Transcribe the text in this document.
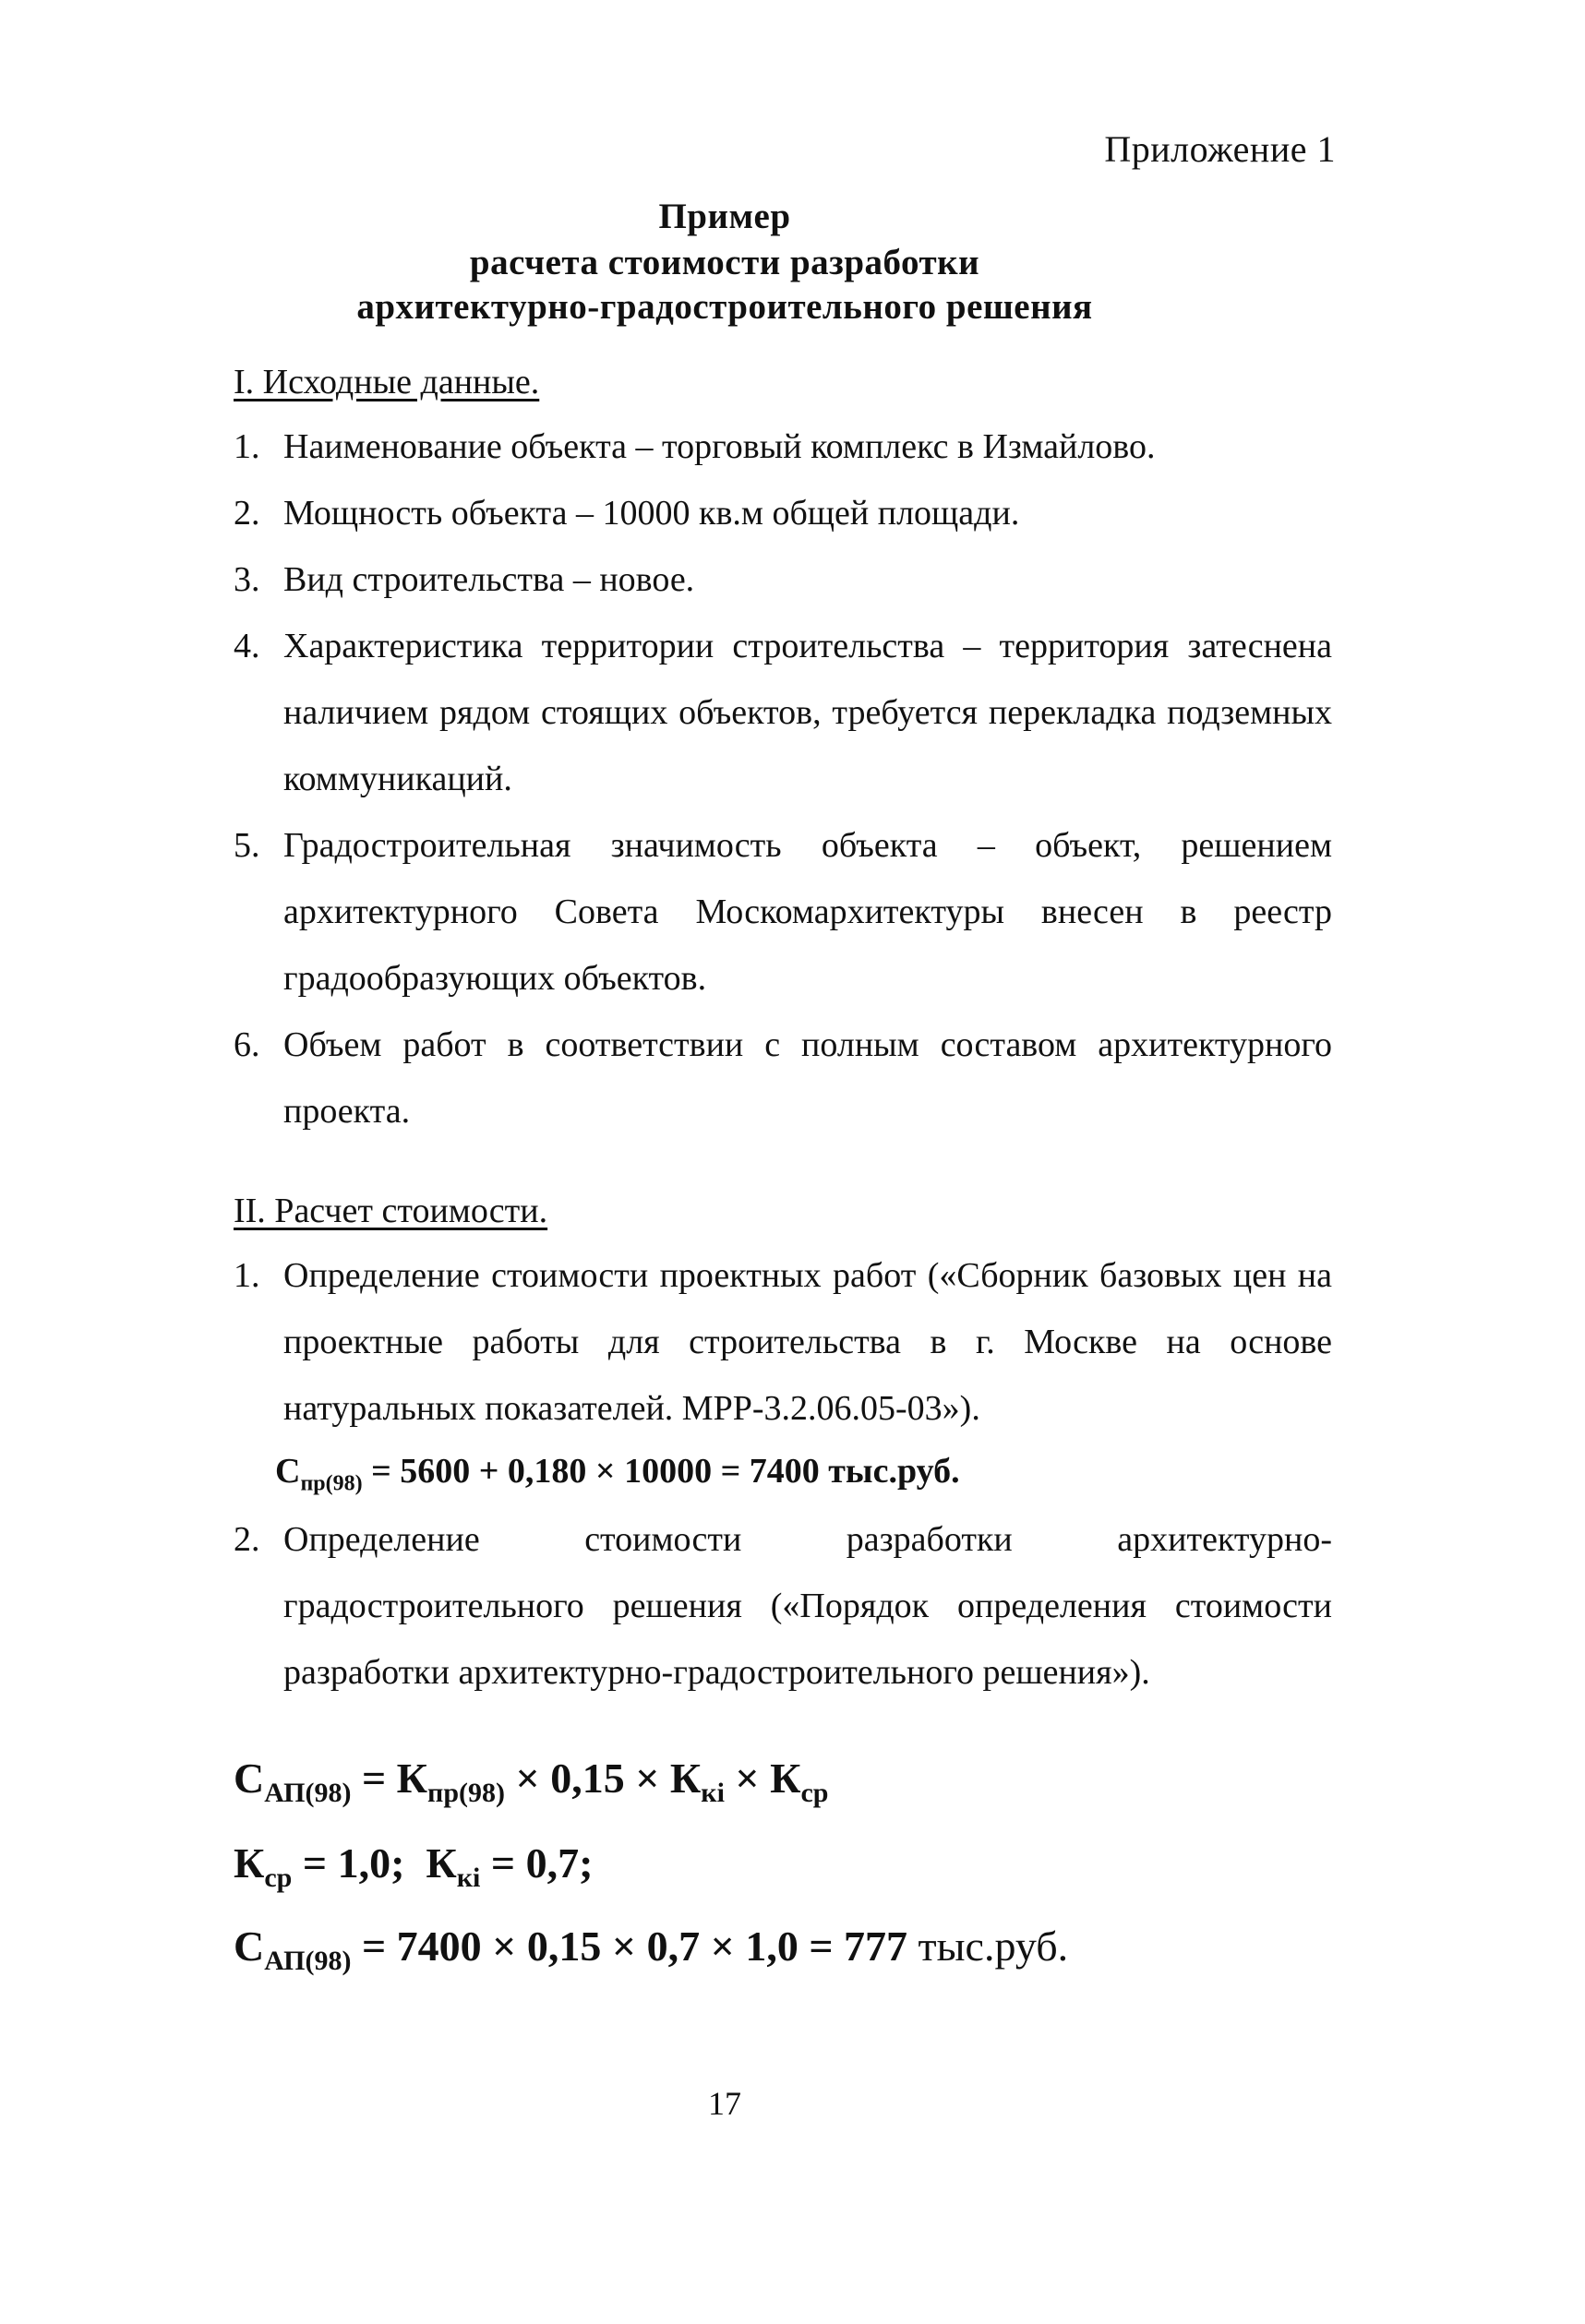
Приложение 1
Пример
расчета стоимости разработки
архитектурно-градостроительного решения
I. Исходные данные.
1. Наименование объекта – торговый комплекс в Измайлово.
2. Мощность объекта – 10000 кв.м общей площади.
3. Вид строительства – новое.
4. Характеристика территории строительства – территория затеснена наличием рядом стоящих объектов, требуется перекладка подземных коммуникаций.
5. Градостроительная значимость объекта – объект, решением архитектурного Совета Москомархитектуры внесен в реестр градообразующих объектов.
6. Объем работ в соответствии с полным составом архитектурного проекта.
II. Расчет стоимости.
1. Определение стоимости проектных работ («Сборник базовых цен на проектные работы для строительства в г. Москве на основе натуральных показателей. МРР-3.2.06.05-03»).
$С_{пр(98)} = 5600 + 0,180 \times 10000 = 7400$ тыс.руб.
2. Определение стоимости разработки архитектурно-градостроительного решения («Порядок определения стоимости разработки архитектурно-градостроительного решения»).
$С_{АП(98)} = К_{пр(98)} \times 0,15 \times К_{кi} \times К_{ср}$
$К_{ср} = 1,0$; $К_{кi} = 0,7$;
$С_{АП(98)} = 7400 \times 0,15 \times 0,7 \times 1,0 = 777$ тыс.руб.
17
